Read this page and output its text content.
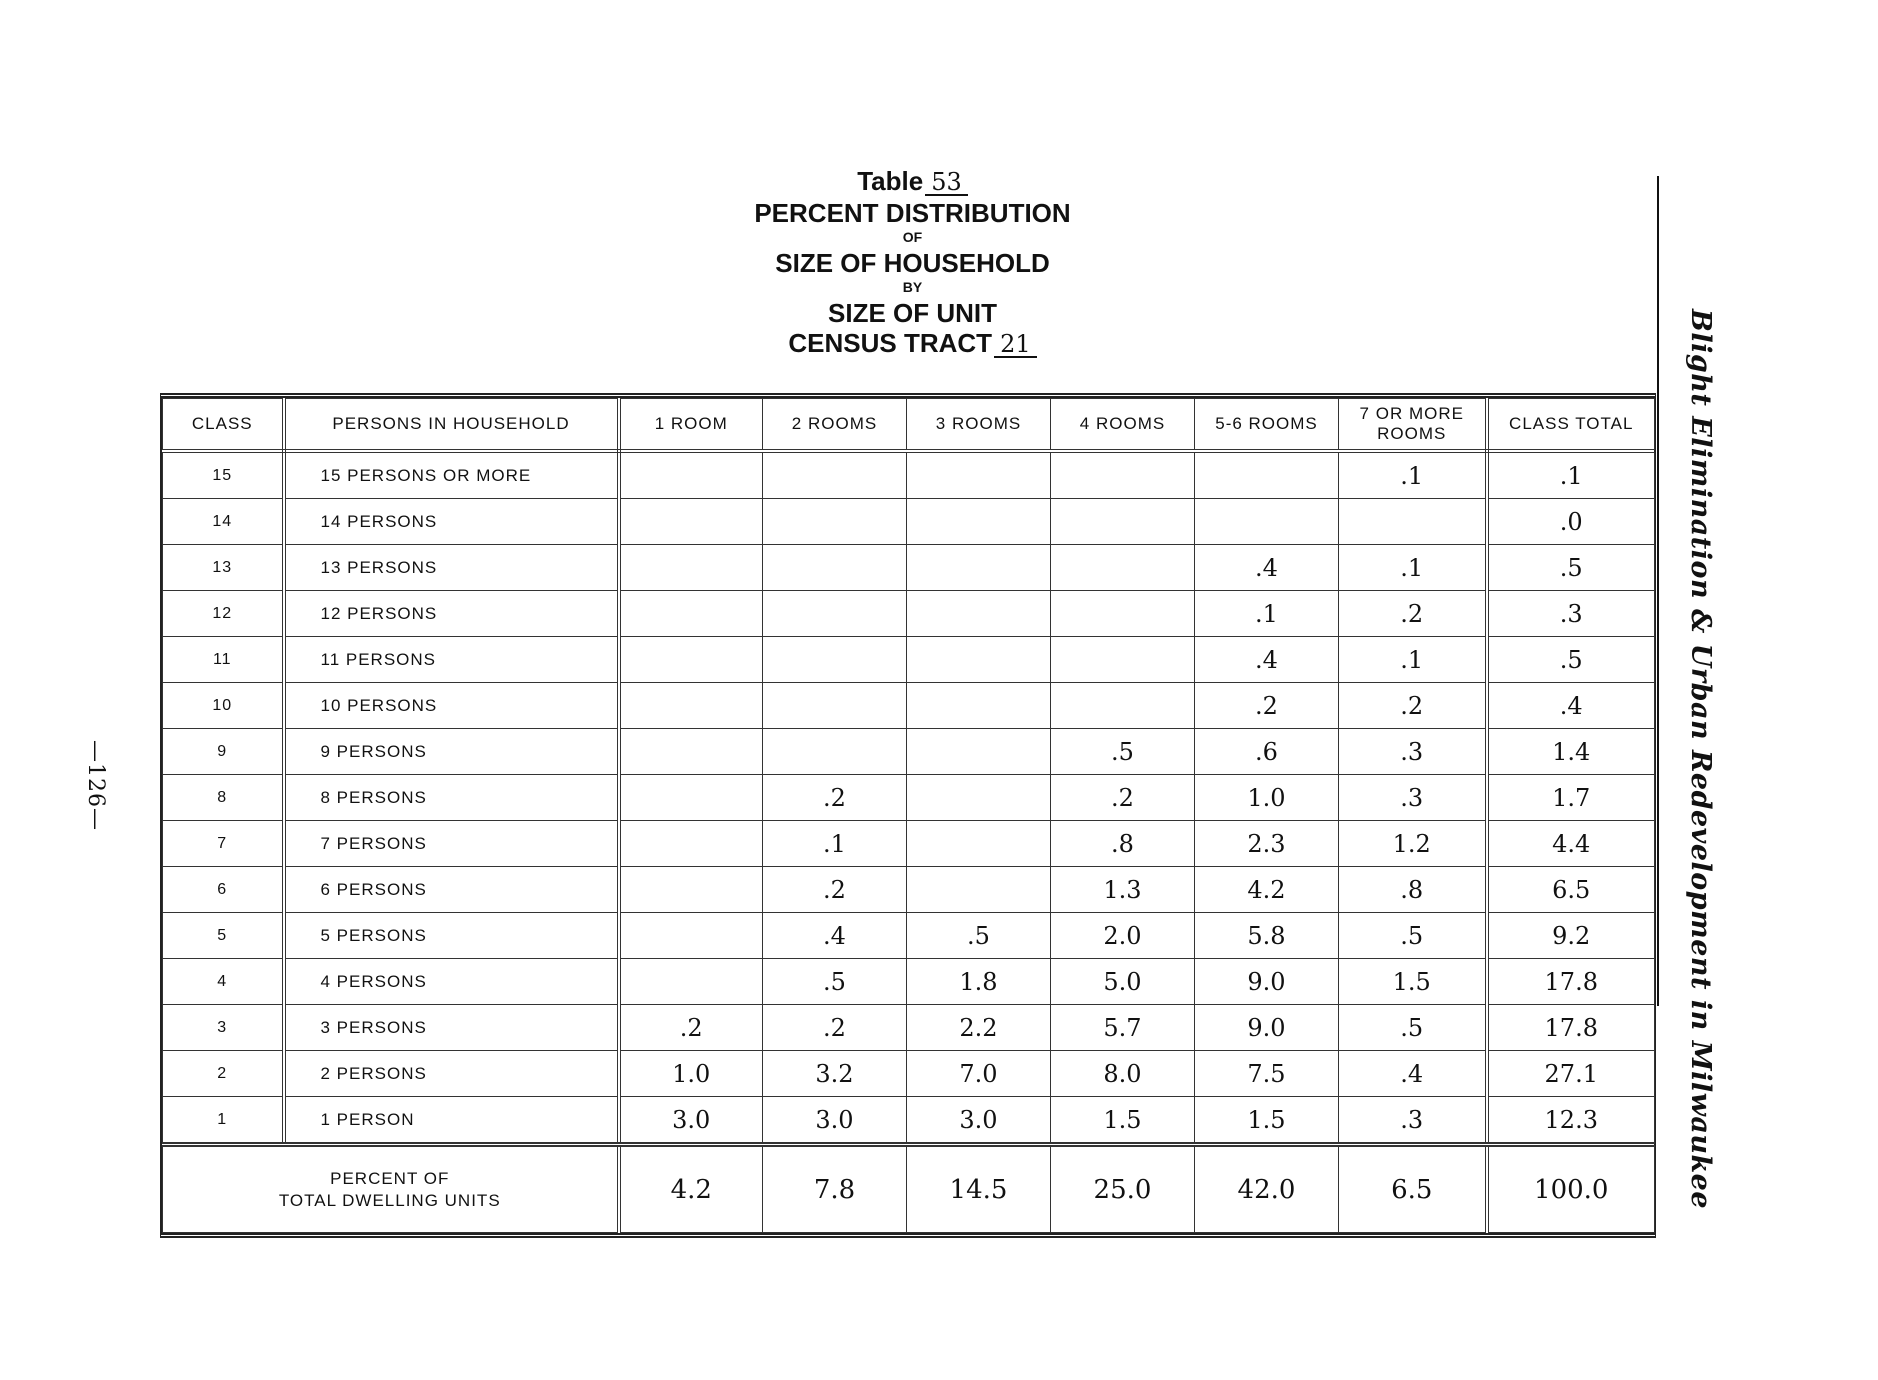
—126—
Table 53
PERCENT DISTRIBUTION
OF
SIZE OF HOUSEHOLD
BY
SIZE OF UNIT
CENSUS TRACT 21	Blight Elimination & Urban Redevelopment in Milwaukee
CLASS	PERSONS IN HOUSEHOLD	1 ROOM	2 ROOMS	3 ROOMS	4 ROOMS	5-6 ROOMS	7 OR MORE ROOMS	CLASS TOTAL
15	15 PERSONS OR MORE						.1	.1
14	14 PERSONS							.0
13	13 PERSONS					.4	.1	.5
12	12 PERSONS					.1	.2	.3
11	11 PERSONS					.4	.1	.5
10	10 PERSONS					.2	.2	.4
9	9 PERSONS				.5	.6	.3	1.4
8	8 PERSONS		.2		.2	1.0	.3	1.7
7	7 PERSONS		.1		.8	2.3	1.2	4.4
6	6 PERSONS		.2		1.3	4.2	.8	6.5
5	5 PERSONS		.4	.5	2.0	5.8	.5	9.2
4	4 PERSONS		.5	1.8	5.0	9.0	1.5	17.8
3	3 PERSONS	.2	.2	2.2	5.7	9.0	.5	17.8
2	2 PERSONS	1.0	3.2	7.0	8.0	7.5	.4	27.1
1	1 PERSON	3.0	3.0	3.0	1.5	1.5	.3	12.3

PERCENT OF
TOTAL DWELLING UNITS		4.2	7.8	14.5	25.0	42.0	6.5	100.0
